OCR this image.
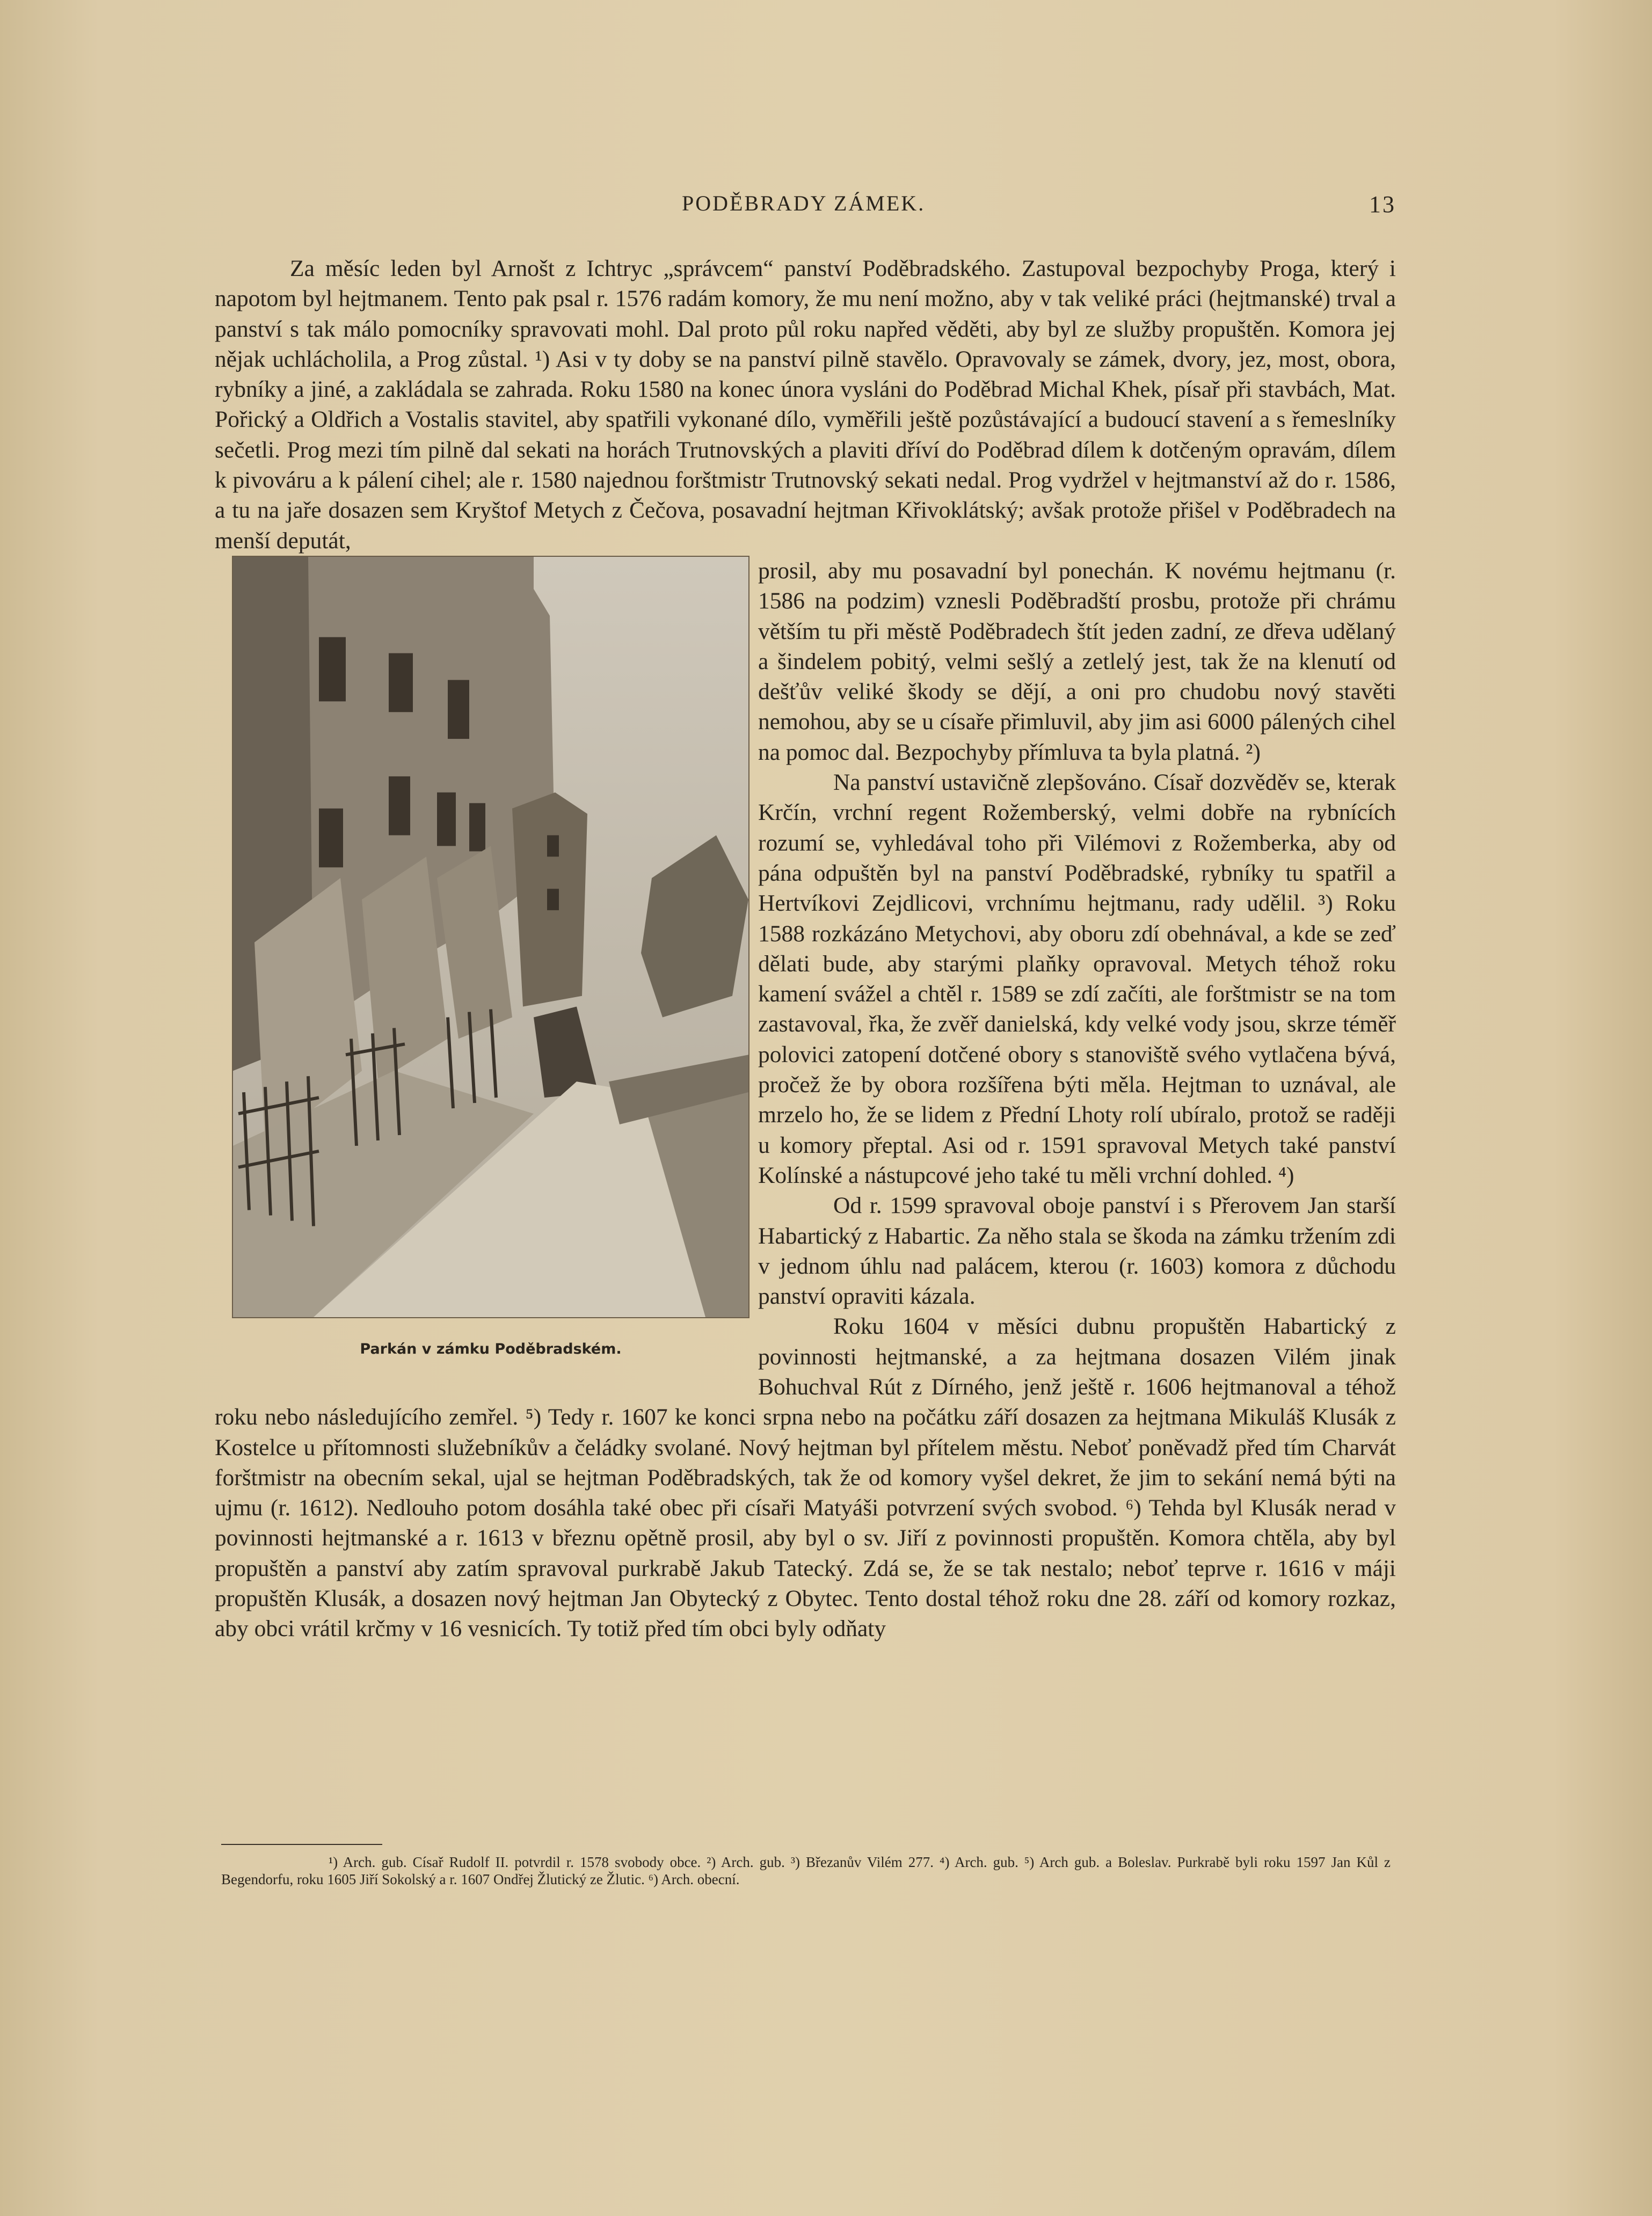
PODĚBRADY ZÁMEK.	13

Za měsíc leden byl Arnošt z Ichtryc „správcem“ panství Poděbradského. Zastupoval bezpochyby Proga, který i napotom byl hejtmanem. Tento pak psal r. 1576 radám komory, že mu není možno, aby v tak veliké práci (hejtmanské) trval a panství s tak málo pomocníky spravovati mohl. Dal proto půl roku napřed věděti, aby byl ze služby propuštěn. Komora jej nějak uchlácholila, a Prog zůstal. ¹) Asi v ty doby se na panství pilně stavělo. Opravovaly se zámek, dvory, jez, most, obora, rybníky a jiné, a zakládala se zahrada. Roku 1580 na konec února vysláni do Poděbrad Michal Khek, písař při stavbách, Mat. Pořický a Oldřich a Vostalis stavitel, aby spatřili vykonané dílo, vyměřili ještě pozůstávající a budoucí stavení a s řemeslníky sečetli. Prog mezi tím pilně dal sekati na horách Trutnovských a plaviti dříví do Poděbrad dílem k dotčeným opravám, dílem k pivováru a k pálení cihel; ale r. 1580 najednou forštmistr Trutnovský sekati nedal. Prog vydržel v hejtmanství až do r. 1586, a tu na jaře dosazen sem Kryštof Metych z Čečova, posavadní hejtman Křivoklátský; avšak protože přišel v Poděbradech na menší deputát,

Parkán v zámku Poděbradském.

prosil, aby mu posavadní byl ponechán. K novému hejtmanu (r. 1586 na podzim) vznesli Poděbradští prosbu, protože při chrámu větším tu při městě Poděbradech štít jeden zadní, ze dřeva udělaný a šindelem pobitý, velmi sešlý a zetlelý jest, tak že na klenutí od dešťův veliké škody se dějí, a oni pro chudobu nový stavěti nemohou, aby se u císaře přimluvil, aby jim asi 6000 pálených cihel na pomoc dal. Bezpochyby přímluva ta byla platná. ²)

Na panství ustavičně zlepšováno. Císař dozvěděv se, kterak Krčín, vrchní regent Rožemberský, velmi dobře na rybnících rozumí se, vyhledával toho při Vilémovi z Rožemberka, aby od pána odpuštěn byl na panství Poděbradské, rybníky tu spatřil a Hertvíkovi Zejdlicovi, vrchnímu hejtmanu, rady udělil. ³) Roku 1588 rozkázáno Metychovi, aby oboru zdí obehnával, a kde se zeď dělati bude, aby starými plaňky opravoval. Metych téhož roku kamení svážel a chtěl r. 1589 se zdí začíti, ale forštmistr se na tom zastavoval, řka, že zvěř danielská, kdy velké vody jsou, skrze téměř polovici zatopení dotčené obory s stanoviště svého vytlačena bývá, pročež že by obora rozšířena býti měla. Hejtman to uznával, ale mrzelo ho, že se lidem z Přední Lhoty rolí ubíralo, protož se raději u komory přeptal. Asi od r. 1591 spravoval Metych také panství Kolínské a nástupcové jeho také tu měli vrchní dohled. ⁴)

Od r. 1599 spravoval oboje panství i s Přerovem Jan starší Habartický z Habartic. Za něho stala se škoda na zámku tržením zdi v jednom úhlu nad palácem, kterou (r. 1603) komora z důchodu panství opraviti kázala.

Roku 1604 v měsíci dubnu propuštěn Habartický z povinnosti hejtmanské, a za hejtmana dosazen Vilém jinak Bohuchval Rút z Dírného, jenž ještě r. 1606 hejtmanoval a téhož roku nebo následujícího zemřel. ⁵) Tedy r. 1607 ke konci srpna nebo na počátku září dosazen za hejtmana Mikuláš Klusák z Kostelce u přítomnosti služebníkův a čeládky svolané. Nový hejtman byl přítelem městu. Neboť poněvadž před tím Charvát forštmistr na obecním sekal, ujal se hejtman Poděbradských, tak že od komory vyšel dekret, že jim to sekání nemá býti na ujmu (r. 1612). Nedlouho potom dosáhla také obec při císaři Matyáši potvrzení svých svobod. ⁶) Tehda byl Klusák nerad v povinnosti hejtmanské a r. 1613 v březnu opětně prosil, aby byl o sv. Jiří z povinnosti propuštěn. Komora chtěla, aby byl propuštěn a panství aby zatím spravoval purkrabě Jakub Tatecký. Zdá se, že se tak nestalo; neboť teprve r. 1616 v máji propuštěn Klusák, a dosazen nový hejtman Jan Obytecký z Obytec. Tento dostal téhož roku dne 28. září od komory rozkaz, aby obci vrátil krčmy v 16 vesnicích. Ty totiž před tím obci byly odňaty

¹) Arch. gub. Císař Rudolf II. potvrdil r. 1578 svobody obce. ²) Arch. gub. ³) Březanův Vilém 277. ⁴) Arch. gub. ⁵) Arch gub. a Boleslav. Purkrabě byli roku 1597 Jan Kůl z Begendorfu, roku 1605 Jiří Sokolský a r. 1607 Ondřej Žlutický ze Žlutic. ⁶) Arch. obecní.
